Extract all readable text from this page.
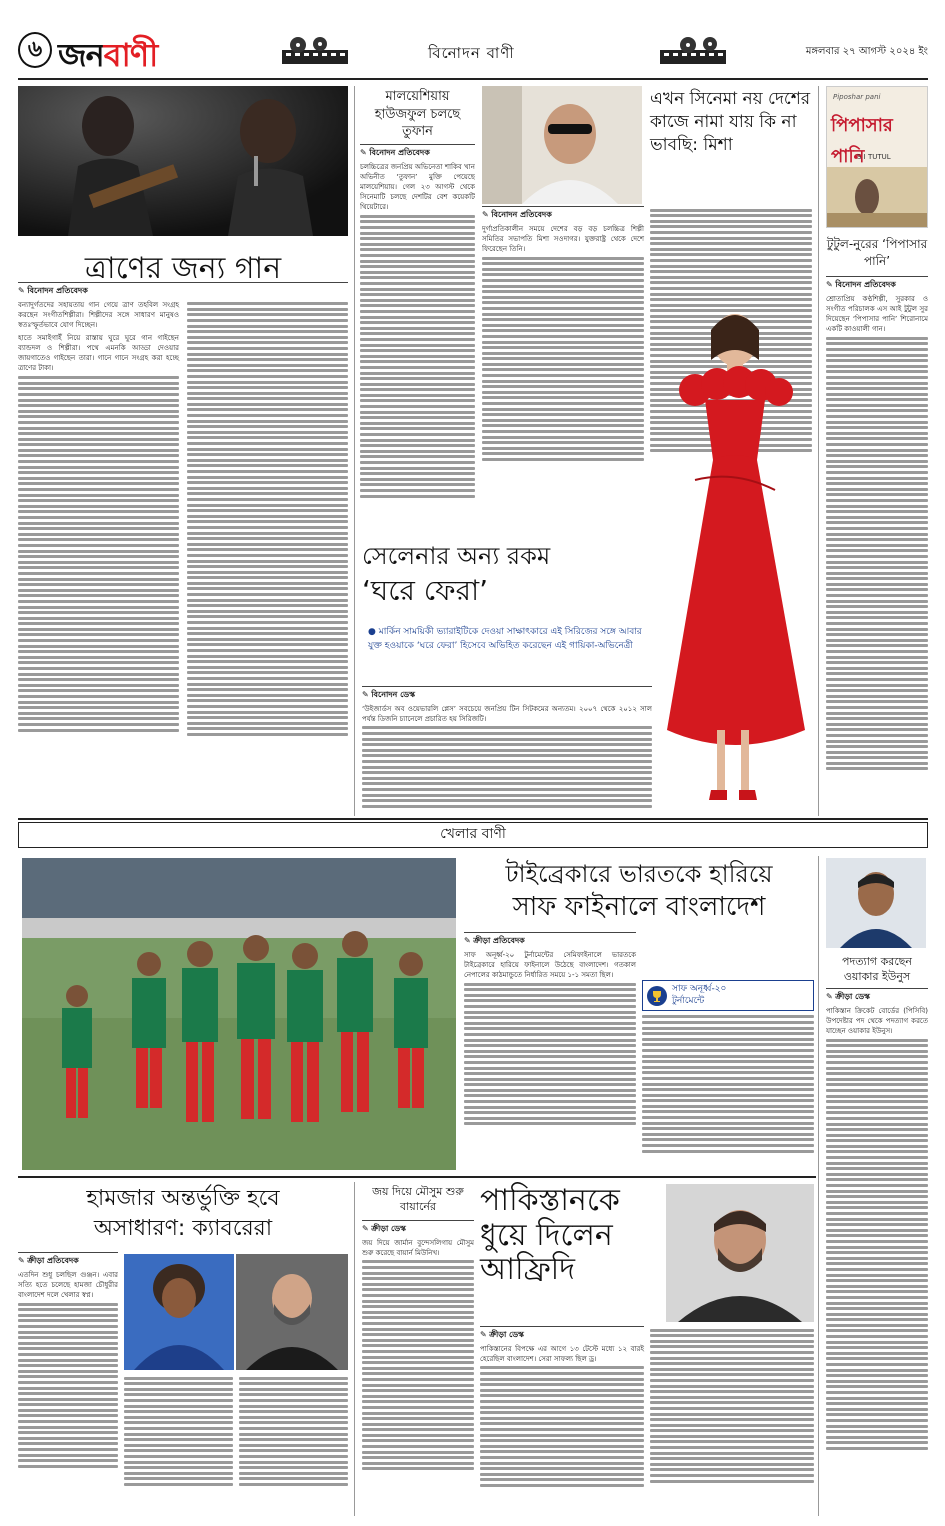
৬ জনবাণী	বিনোদন বাণী	মঙ্গলবার ২৭ আগস্ট ২০২৪ ইং
ত্রাণের জন্য গান
✎ বিনোদন প্রতিবেদক

বন্যাদুর্গতদের সহায়তায় গান গেয়ে ত্রাণ তহবিল সংগ্রহ করছেন সংগীতশিল্পীরা। শিল্পীদের সঙ্গে সাধারণ মানুষও স্বতঃস্ফূর্তভাবে যোগ দিচ্ছেন।

হাতে সমাইগাইঁ নিয়ে রাস্তায় ঘুরে ঘুরে গান গাইছেন ব্যান্ডদল ও শিল্পীরা। পথে এমনকি আড্ডা দেওয়ার জায়গাতেও গাইছেন তারা। গানে গানে সংগ্রহ করা হচ্ছে ত্রাণের টাকা।

মালয়েশিয়ায় হাউজফুল চলছে তুফান
✎ বিনোদন প্রতিবেদক

চলচ্চিত্রের জনপ্রিয় অভিনেতা শাকিব খান অভিনীত ‘তুফান’ মুক্তি পেয়েছে মালয়েশিয়ায়। গেল ২৩ আগস্ট থেকে সিনেমাটি চলছে দেশটির বেশ কয়েকটি থিয়েটারে।

এখন সিনেমা নয় দেশের কাজে নামা যায় কি না ভাবছি: মিশা
✎ বিনোদন প্রতিবেদক

দুর্গাপ্রতিকালীন সময়ে দেশের বড় বড় চলচ্চিত্র শিল্পী সমিতির সভাপতি মিশা সওদাগর। যুক্তরাষ্ট্র থেকে দেশে ফিরেছেন তিনি।

Piposhar pani
পিপাসার পানি
S I TUTUL
টুটুল-নুরের ‘পিপাসার পানি’
✎ বিনোদন প্রতিবেদক

শ্রোতাপ্রিয় কণ্ঠশিল্পী, সুরকার ও সংগীত পরিচালক এস আই টুটুল সুর দিয়েছেন ‘পিপাসার পানি’ শিরোনামে একটি কাওয়ালী গান।

সেলেনার অন্য রকম
‘ঘরে ফেরা’
● মার্কিন সাময়িকী ভ্যারাইটিকে দেওয়া সাক্ষাৎকারে এই সিরিজের সঙ্গে আবার যুক্ত হওয়াকে ‘ঘরে ফেরা’ হিসেবে অভিহিত করেছেন এই গায়িকা-অভিনেত্রী
✎ বিনোদন ডেস্ক

‘উইজার্ডস অব ওয়েভারলি প্লেস’ সবচেয়ে জনপ্রিয় টিন সিটকমের অন্যতম। ২০০৭ থেকে ২০১২ সাল পর্যন্ত ডিজনি চ্যানেলে প্রচারিত হয় সিরিজটি।

খেলার বাণী
টাইব্রেকারে ভারতকে হারিয়ে
সাফ ফাইনালে বাংলাদেশ
✎ ক্রীড়া প্রতিবেদক

সাফ অনূর্ধ্ব-২০ টুর্নামেন্টের সেমিফাইনালে ভারতকে টাইব্রেকারে হারিয়ে ফাইনালে উঠেছে বাংলাদেশ। গতকাল নেপালের কাঠমান্ডুতে নির্ধারিত সময়ে ১-১ সমতা ছিল।

সাফ অনূর্ধ্ব-২০
টুর্নামেন্টে
পদত্যাগ করছেন
ওয়াকার ইউনুস
✎ ক্রীড়া ডেস্ক

পাকিস্তান ক্রিকেট বোর্ডের (পিসিবি) উপদেষ্টার পদ থেকে পদত্যাগ করতে যাচ্ছেন ওয়াকার ইউনুস।

হামজার অন্তর্ভুক্তি হবে
অসাধারণ: ক্যাবরেরা
✎ ক্রীড়া প্রতিবেদক

এতদিন শুধু চলছিল গুঞ্জন। এবার সত্যি হতে চলেছে হামজা চৌধুরীর বাংলাদেশ দলে খেলার স্বপ্ন।

জয় দিয়ে মৌসুম শুরু বায়ার্নের
✎ ক্রীড়া ডেস্ক

জয় দিয়ে জার্মান বুন্দেসলিগায় মৌসুম শুরু করেছে বায়ার্ন মিউনিখ।

পাকিস্তানকে
ধুয়ে দিলেন
আফ্রিদি
✎ ক্রীড়া ডেস্ক

পাকিস্তানের বিপক্ষে এর আগে ১৩ টেস্টে মধ্যে ১২ বারই হেরেছিল বাংলাদেশ। সেরা সাফল্য ছিল ড্র।
